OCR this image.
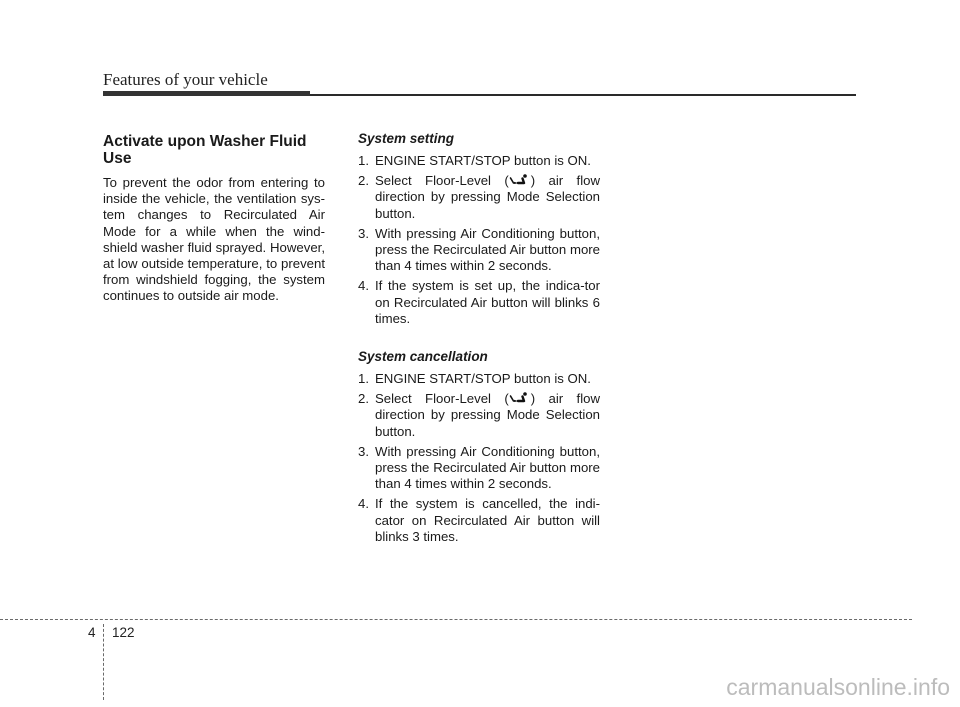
Features of your vehicle
Activate upon Washer Fluid Use

To prevent the odor from entering to inside the vehicle, the ventilation sys-tem changes to Recirculated Air Mode for a while when the wind-shield washer fluid sprayed. However, at low outside temperature, to prevent from windshield fogging, the system continues to outside air mode.

System setting
1. ENGINE START/STOP button is ON.
2. Select Floor-Level ( ) air flow direction by pressing Mode Selection button.
3. With pressing Air Conditioning button, press the Recirculated Air button more than 4 times within 2 seconds.
4. If the system is set up, the indica-tor on Recirculated Air button will blinks 6 times.
System cancellation
1. ENGINE START/STOP button is ON.
2. Select Floor-Level ( ) air flow direction by pressing Mode Selection button.
3. With pressing Air Conditioning button, press the Recirculated Air button more than 4 times within 2 seconds.
4. If the system is cancelled, the indi-cator on Recirculated Air button will blinks 3 times.
4 122
carmanualsonline.info
